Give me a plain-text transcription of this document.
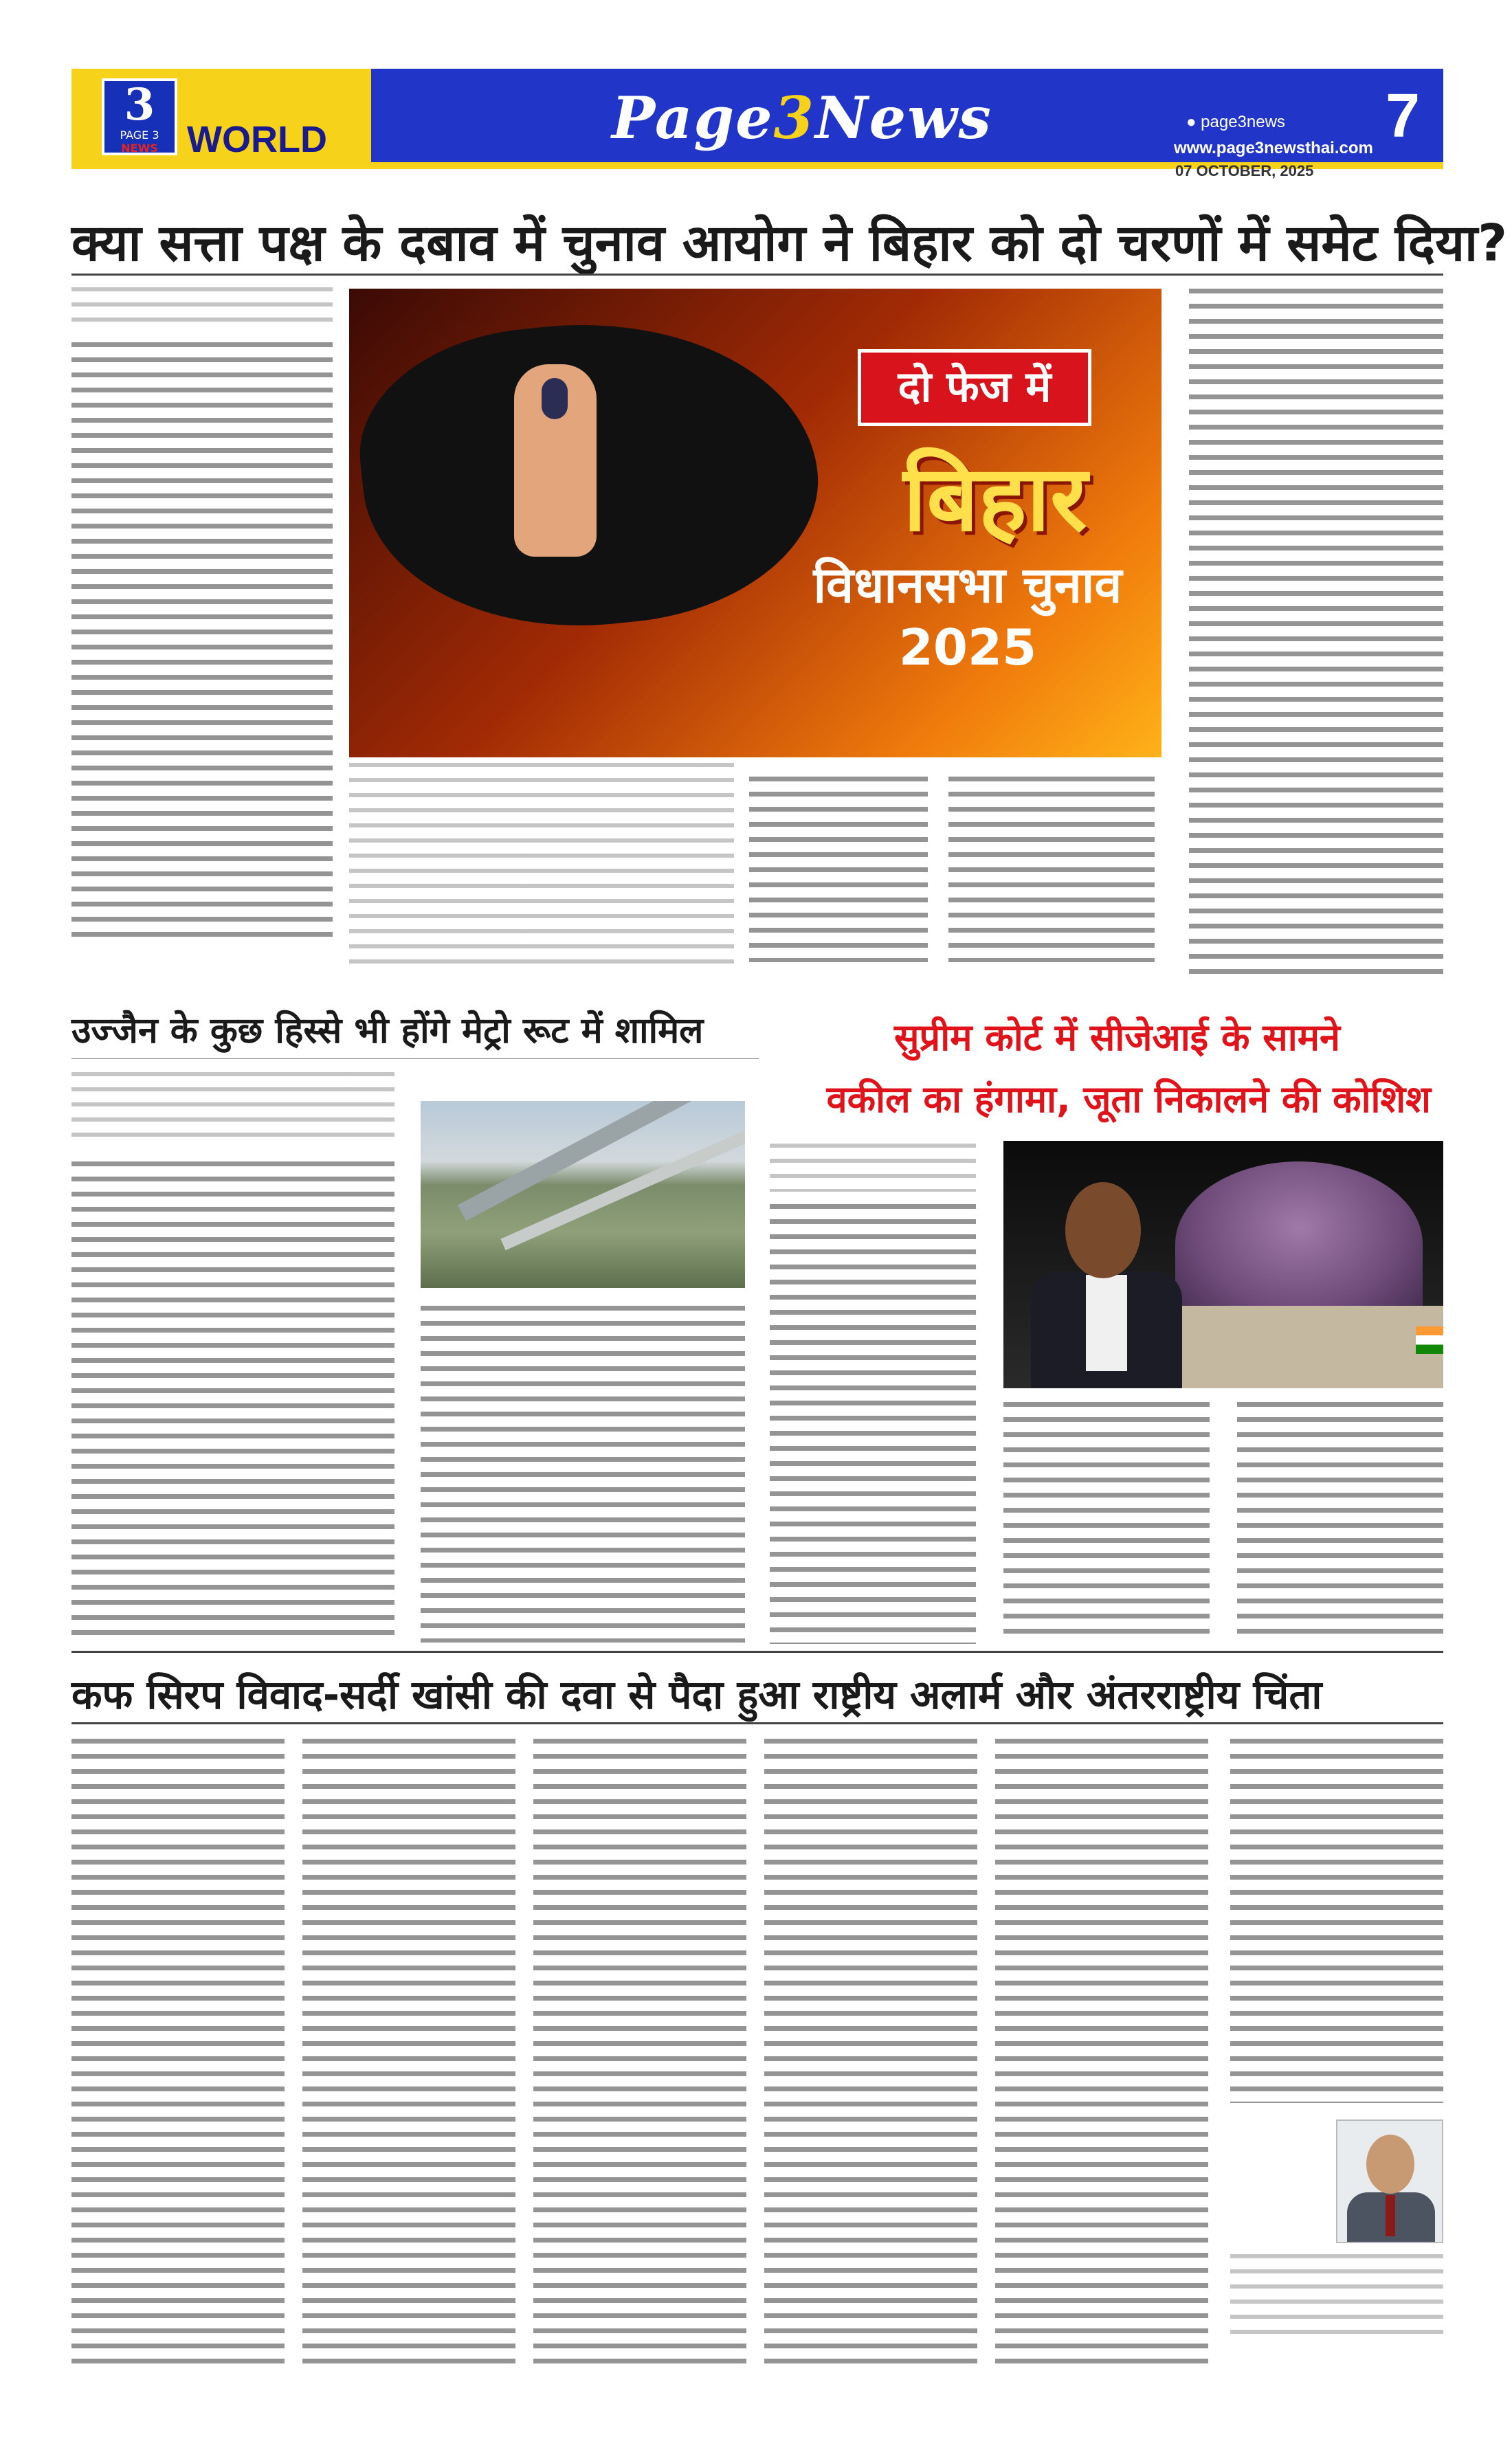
3
PAGE 3
NEWS WORLD	Page3News	● page3news
www.page3newsthai.com 7
07 OCTOBER, 2025
क्या सत्ता पक्ष के दबाव में चुनाव आयोग ने बिहार को दो चरणों में समेट दिया?
दो फेज में
बिहार
विधानसभा चुनाव
2025
उज्जैन के कुछ हिस्से भी होंगे मेट्रो रूट में शामिल	सुप्रीम कोर्ट में सीजेआई के सामने
वकील का हंगामा, जूता निकालने की कोशिश
कफ सिरप विवाद-सर्दी खांसी की दवा से पैदा हुआ राष्ट्रीय अलार्म और अंतरराष्ट्रीय चिंता
